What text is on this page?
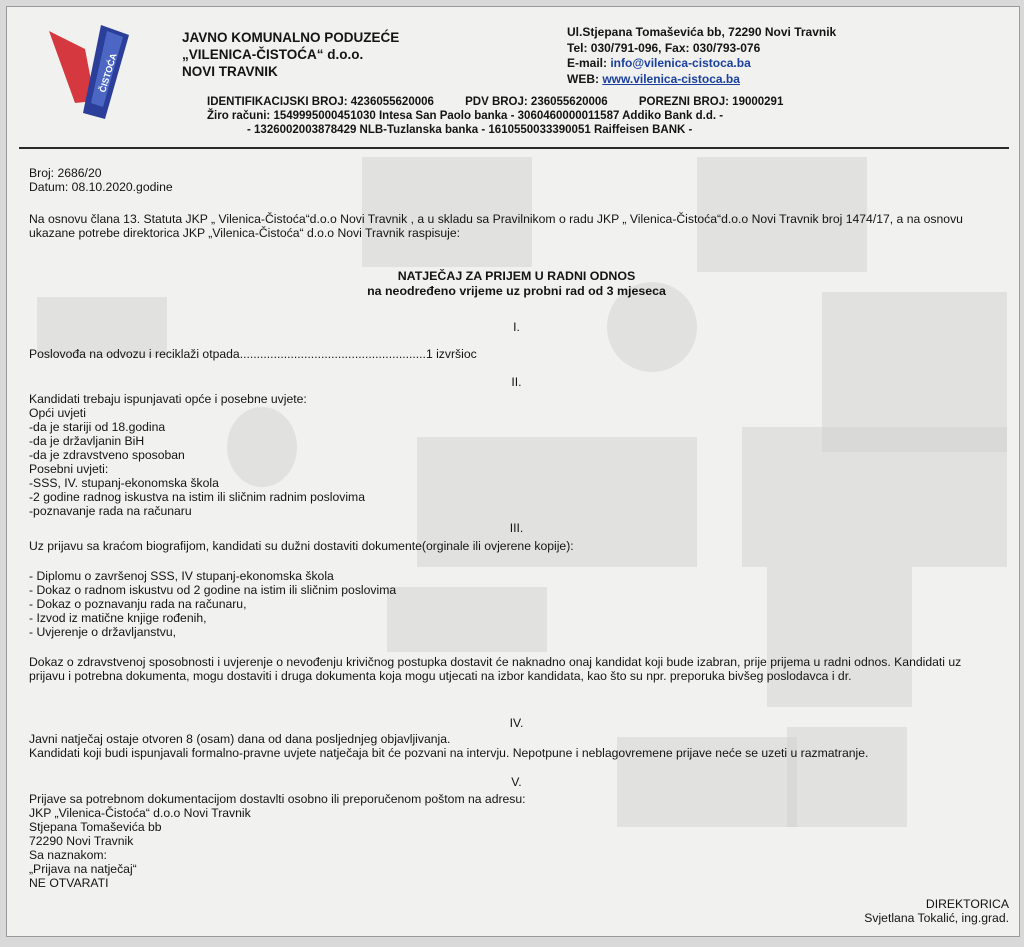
ČISTOĆA
JAVNO KOMUNALNO PODUZEĆE
„VILENICA-ČISTOĆA“ d.o.o.
NOVI TRAVNIK
Ul.Stjepana Tomaševića bb, 72290 Novi Travnik
Tel: 030/791-096, Fax: 030/793-076
E-mail: info@vilenica-cistoca.ba
WEB: www.vilenica-cistoca.ba
IDENTIFIKACIJSKI BROJ: 4236055620006	PDV BROJ: 236055620006	POREZNI BROJ: 19000291
Žiro računi: 1549995000451030 Intesa San Paolo banka - 3060460000011587 Addiko Bank d.d. -
- 1326002003878429 NLB-Tuzlanska banka - 1610550033390051 Raiffeisen BANK -

Broj: 2686/20

Datum: 08.10.2020.godine

Na osnovu člana 13. Statuta JKP „ Vilenica-Čistoća“d.o.o Novi Travnik , a u skladu sa Pravilnikom o radu JKP „ Vilenica-Čistoća“d.o.o Novi Travnik broj 1474/17, a na osnovu ukazane potrebe direktorica JKP „Vilenica-Čistoća“ d.o.o Novi Travnik raspisuje:

NATJEČAJ ZA PRIJEM U RADNI ODNOS
na neodređeno vrijeme uz probni rad od 3 mjeseca
I.

Poslovođa na odvozu i reciklaži otpada.......................................................1 izvršioc

II.

Kandidati trebaju ispunjavati opće i posebne uvjete:

Opći uvjeti

-da je stariji od 18.godina

-da je državljanin BiH

-da je zdravstveno sposoban

Posebni uvjeti:

-SSS, IV. stupanj-ekonomska škola

-2 godine radnog iskustva na istim ili sličnim radnim poslovima

-poznavanje rada na računaru

III.

Uz prijavu sa kraćom biografijom, kandidati su dužni dostaviti dokumente(orginale ili ovjerene kopije):

- Diplomu o završenoj SSS, IV stupanj-ekonomska škola

- Dokaz o radnom iskustvu od 2 godine na istim ili sličnim poslovima

- Dokaz o poznavanju rada na računaru,

- Izvod iz matične knjige rođenih,

- Uvjerenje o državljanstvu,

Dokaz o zdravstvenoj sposobnosti i uvjerenje o nevođenju krivičnog postupka dostavit će naknadno onaj kandidat koji bude izabran, prije prijema u radni odnos. Kandidati uz prijavu i potrebna dokumenta, mogu dostaviti i druga dokumenta koja mogu utjecati na izbor kandidata, kao što su npr. preporuka bivšeg poslodavca i dr.

IV.

Javni natječaj ostaje otvoren 8 (osam) dana od dana posljednjeg objavljivanja.

Kandidati koji budi ispunjavali formalno-pravne uvjete natječaja bit će pozvani na intervju. Nepotpune i neblagovremene prijave neće se uzeti u razmatranje.

V.

Prijave sa potrebnom dokumentacijom dostavlti osobno ili preporučenom poštom na adresu:

JKP „Vilenica-Čistoća“ d.o.o Novi Travnik

Stjepana Tomaševića bb

72290 Novi Travnik

Sa naznakom:

„Prijava na natječaj“

NE OTVARATI

DIREKTORICA
Svjetlana Tokalić, ing.grad.
